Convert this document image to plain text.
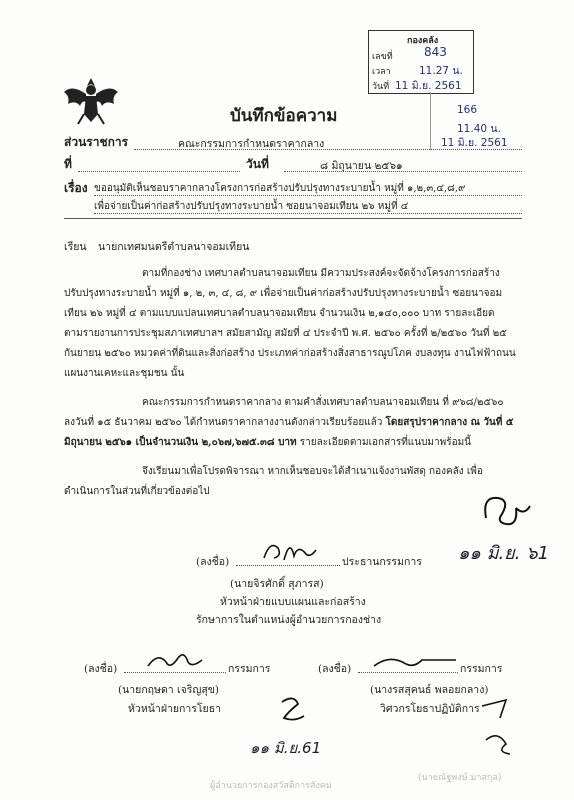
กองคลัง
เลขที่	843
เวลา	11.27 น.
วันที่ 11 มิ.ย. 2561
166
11.40 น.
11 มิ.ย. 2561
บันทึกข้อความ
ส่วนราชการ	คณะกรรมการกำหนดราคากลาง
ที่	วันที่	๘ มิถุนายน ๒๕๖๑
เรื่อง ขออนุมัติเห็นชอบราคากลางโครงการก่อสร้างปรับปรุงทางระบายน้ำ หมู่ที่ ๑,๒,๓,๔,๘,๙
เพื่อจ่ายเป็นค่าก่อสร้างปรับปรุงทางระบายน้ำ ซอยนาจอมเทียน ๒๖ หมู่ที่ ๔
เรียน นายกเทศมนตรีตำบลนาจอมเทียน
ตามที่กองช่าง เทศบาลตำบลนาจอมเทียน มีความประสงค์จะจัดจ้างโครงการก่อสร้าง
ปรับปรุงทางระบายน้ำ หมู่ที่ ๑, ๒, ๓, ๔, ๘, ๙ เพื่อจ่ายเป็นค่าก่อสร้างปรับปรุงทางระบายน้ำ ซอยนาจอม
เทียน ๒๖ หมู่ที่ ๔ ตามแบบแปลนเทศบาลตำบลนาจอมเทียน จำนวนเงิน ๒,๑๔๐,๐๐๐ บาท รายละเอียด
ตามรายงานการประชุมสภาเทศบาลฯ สมัยสามัญ สมัยที่ ๔ ประจำปี พ.ศ. ๒๕๖๐ ครั้งที่ ๒/๒๕๖๐ วันที่ ๒๕
กันยายน ๒๕๖๐ หมวดค่าที่ดินและสิ่งก่อสร้าง ประเภทค่าก่อสร้างสิ่งสาธารณูปโภค งบลงทุน งานไฟฟ้าถนน
แผนงานเคหะและชุมชน นั้น
คณะกรรมการกำหนดราคากลาง ตามคำสั่งเทศบาลตำบลนาจอมเทียน ที่ ๙๖๘/๒๕๖๐
ลงวันที่ ๑๕ ธันวาคม ๒๕๖๐ ได้กำหนดราคากลางงานดังกล่าวเรียบร้อยแล้ว โดยสรุปราคากลาง ณ วันที่ ๕
มิถุนายน ๒๕๖๑ เป็นจำนวนเงิน ๒,๐๖๗,๖๗๕.๓๘ บาท รายละเอียดตามเอกสารที่แนบมาพร้อมนี้
จึงเรียนมาเพื่อโปรดพิจารณา หากเห็นชอบจะได้สำเนาแจ้งงานพัสดุ กองคลัง เพื่อ
ดำเนินการในส่วนที่เกี่ยวข้องต่อไป
๑๑ มิ.ย. ๖1
(ลงชื่อ)	ประธานกรรมการ
(นายจิรศักดิ์ สุภารส)
หัวหน้าฝ่ายแบบแผนและก่อสร้าง
รักษาการในตำแหน่งผู้อำนวยการกองช่าง
(ลงชื่อ)	กรรมการ
(นายกฤษดา เจริญสุข)
หัวหน้าฝ่ายการโยธา
(ลงชื่อ)	กรรมการ
(นางรสสุคนธ์ พลอยกลาง)
วิศวกรโยธาปฏิบัติการ
๑๑ มิ.ย.61
ผู้อำนวยการกองสวัสดิการสังคม
(นายณัฐพงษ์ มาสกุล)
